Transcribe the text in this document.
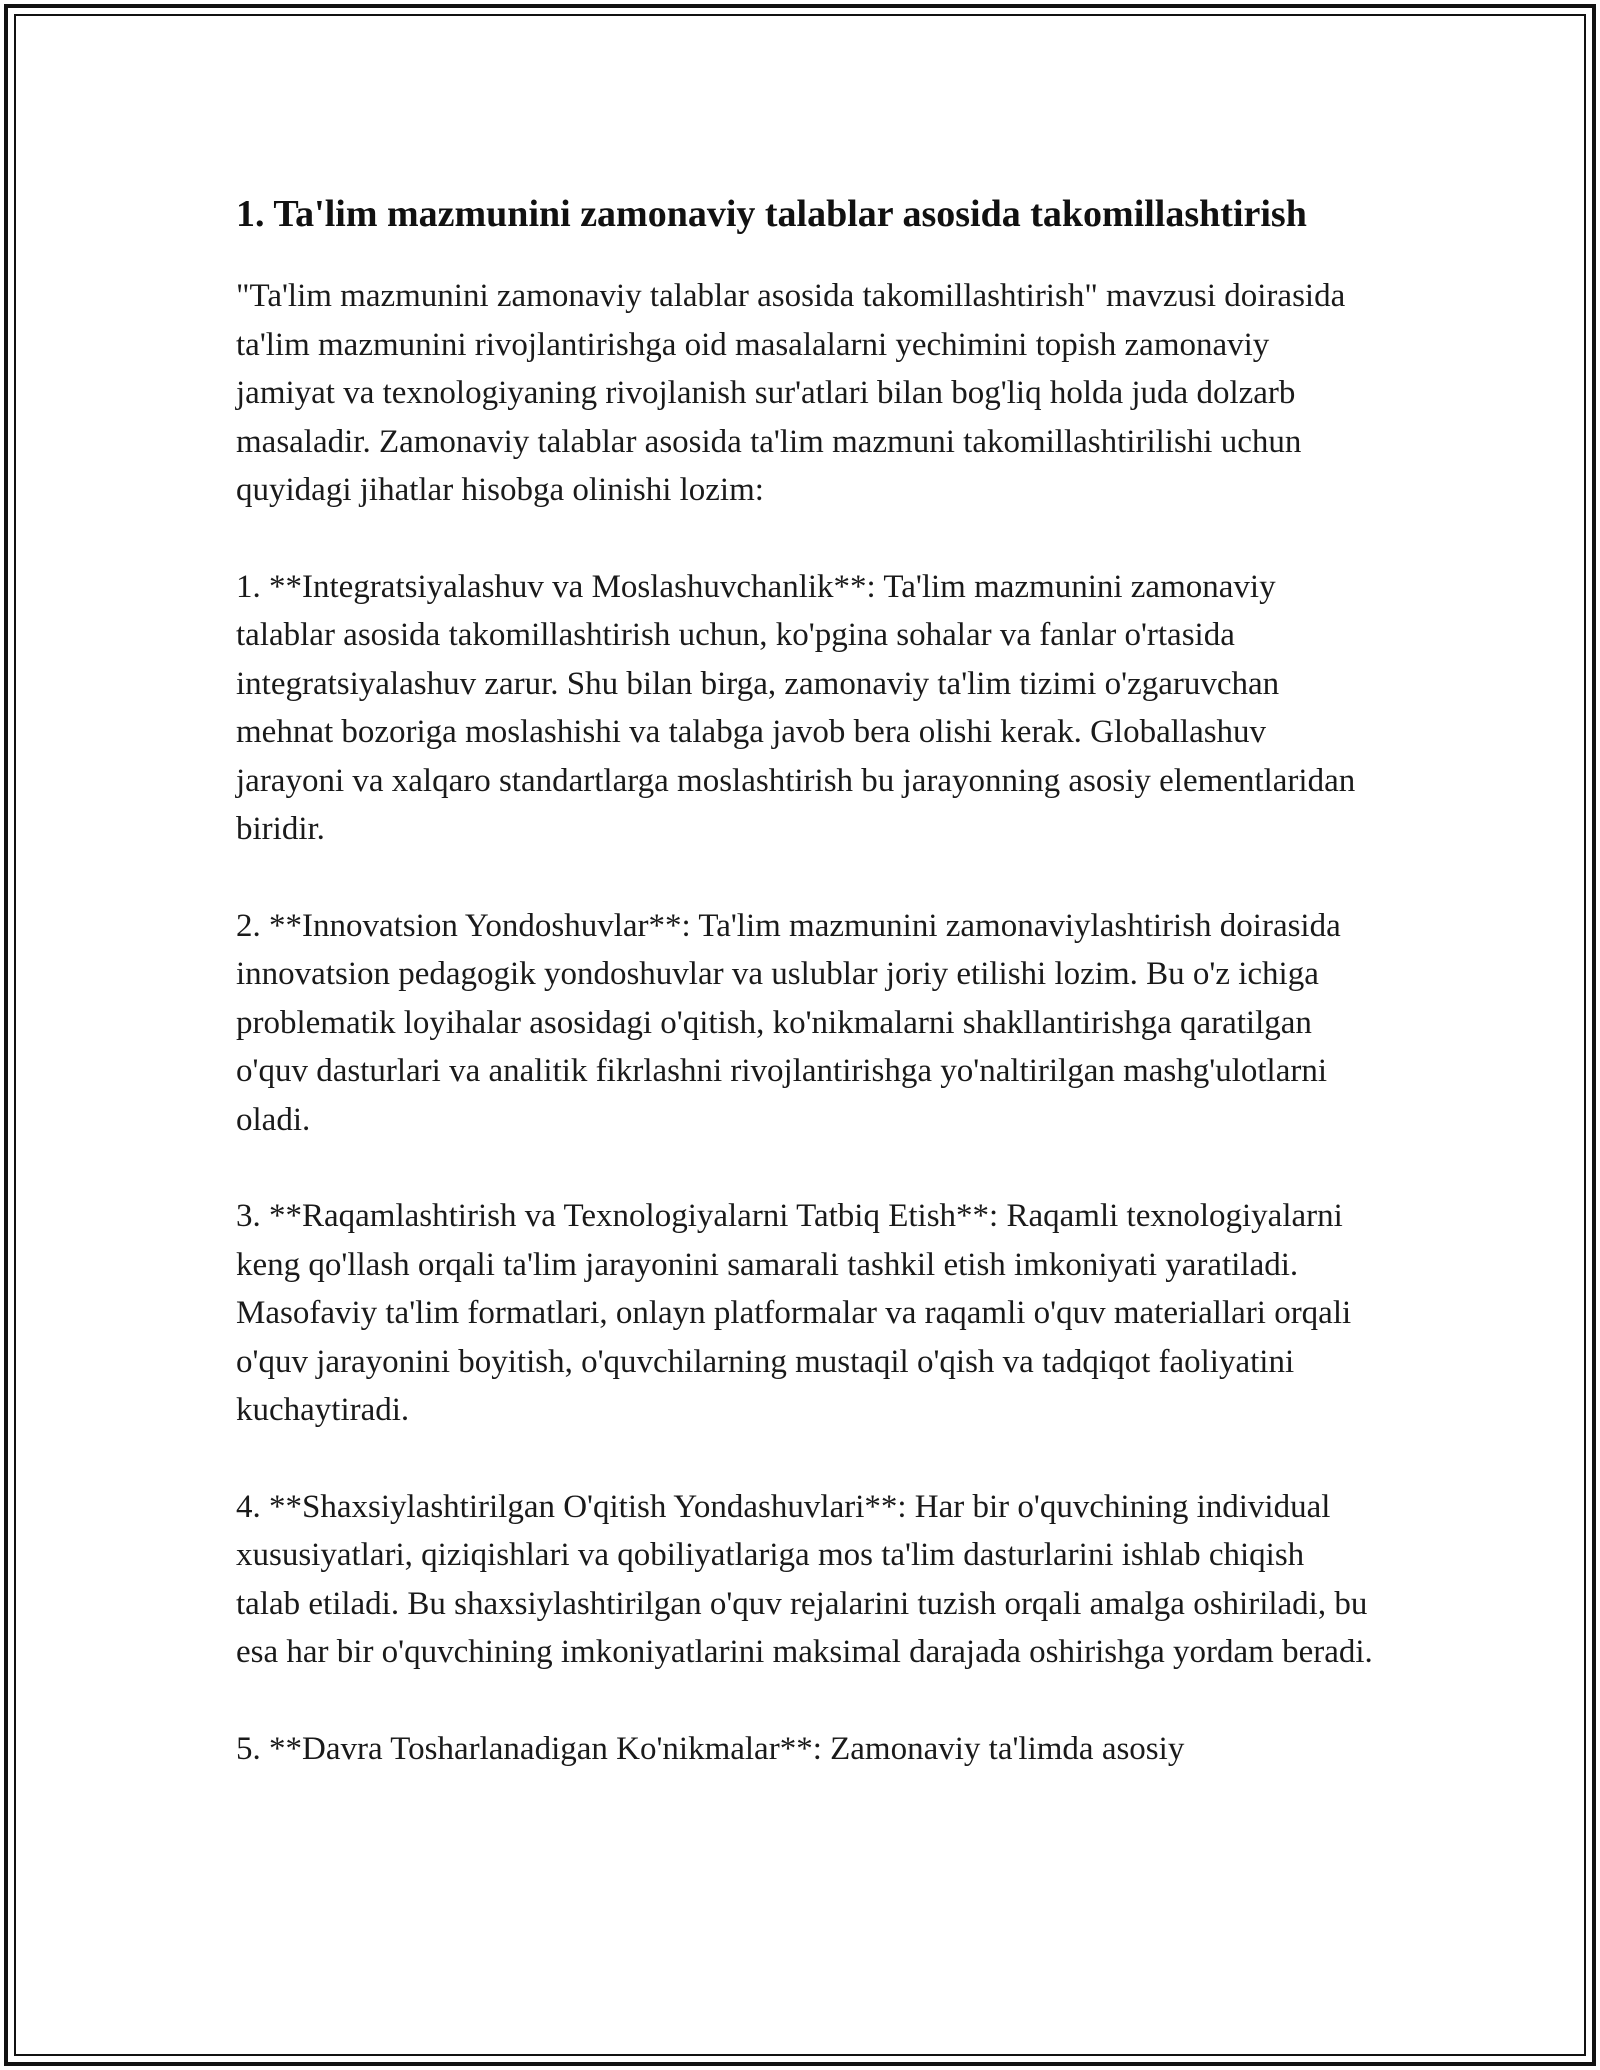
1. Ta'lim mazmunini zamonaviy talablar asosida takomillashtirish

"Ta'lim mazmunini zamonaviy talablar asosida takomillashtirish" mavzusi doirasida ta'lim mazmunini rivojlantirishga oid masalalarni yechimini topish zamonaviy jamiyat va texnologiyaning rivojlanish sur'atlari bilan bog'liq holda juda dolzarb masaladir. Zamonaviy talablar asosida ta'lim mazmuni takomillashtirilishi uchun quyidagi jihatlar hisobga olinishi lozim:

1. **Integratsiyalashuv va Moslashuvchanlik**: Ta'lim mazmunini zamonaviy talablar asosida takomillashtirish uchun, ko'pgina sohalar va fanlar o'rtasida integratsiyalashuv zarur. Shu bilan birga, zamonaviy ta'lim tizimi o'zgaruvchan mehnat bozoriga moslashishi va talabga javob bera olishi kerak. Globallashuv jarayoni va xalqaro standartlarga moslashtirish bu jarayonning asosiy elementlaridan biridir.

2. **Innovatsion Yondoshuvlar**: Ta'lim mazmunini zamonaviylashtirish doirasida innovatsion pedagogik yondoshuvlar va uslublar joriy etilishi lozim. Bu o'z ichiga problematik loyihalar asosidagi o'qitish, ko'nikmalarni shakllantirishga qaratilgan o'quv dasturlari va analitik fikrlashni rivojlantirishga yo'naltirilgan mashg'ulotlarni oladi.

3. **Raqamlashtirish va Texnologiyalarni Tatbiq Etish**: Raqamli texnologiyalarni keng qo'llash orqali ta'lim jarayonini samarali tashkil etish imkoniyati yaratiladi. Masofaviy ta'lim formatlari, onlayn platformalar va raqamli o'quv materiallari orqali o'quv jarayonini boyitish, o'quvchilarning mustaqil o'qish va tadqiqot faoliyatini kuchaytiradi.

4. **Shaxsiylashtirilgan O'qitish Yondashuvlari**: Har bir o'quvchining individual xususiyatlari, qiziqishlari va qobiliyatlariga mos ta'lim dasturlarini ishlab chiqish talab etiladi. Bu shaxsiylashtirilgan o'quv rejalarini tuzish orqali amalga oshiriladi, bu esa har bir o'quvchining imkoniyatlarini maksimal darajada oshirishga yordam beradi.

5. **Davra Tosharlanadigan Ko'nikmalar**: Zamonaviy ta'limda asosiy
